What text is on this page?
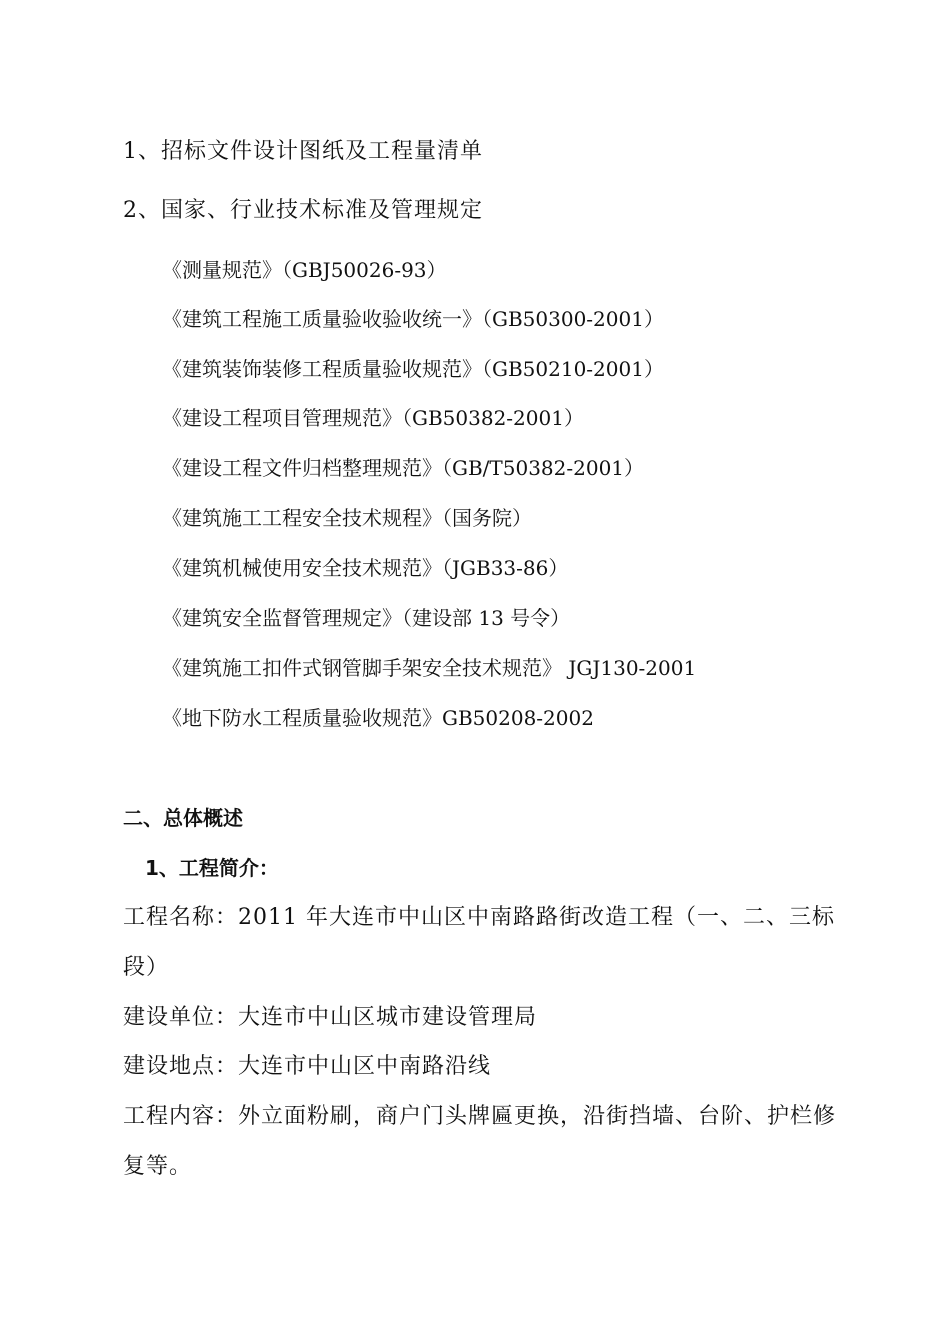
1、招标文件设计图纸及工程量清单
2、国家、行业技术标准及管理规定
《测量规范》（GBJ50026-93）
《建筑工程施工质量验收验收统一》（GB50300-2001）
《建筑装饰装修工程质量验收规范》（GB50210-2001）
《建设工程项目管理规范》（GB50382-2001）
《建设工程文件归档整理规范》（GB/T50382-2001）
《建筑施工工程安全技术规程》（国务院）
《建筑机械使用安全技术规范》（JGB33-86）
《建筑安全监督管理规定》（建设部 13 号令）
《建筑施工扣件式钢管脚手架安全技术规范》 JGJ130-2001
《地下防水工程质量验收规范》GB50208-2002
二、总体概述
1、工程简介：
工程名称：2011 年大连市中山区中南路路街改造工程（一、二、三标
段）
建设单位：大连市中山区城市建设管理局
建设地点：大连市中山区中南路沿线
工程内容：外立面粉刷，商户门头牌匾更换，沿街挡墙、台阶、护栏修
复等。
